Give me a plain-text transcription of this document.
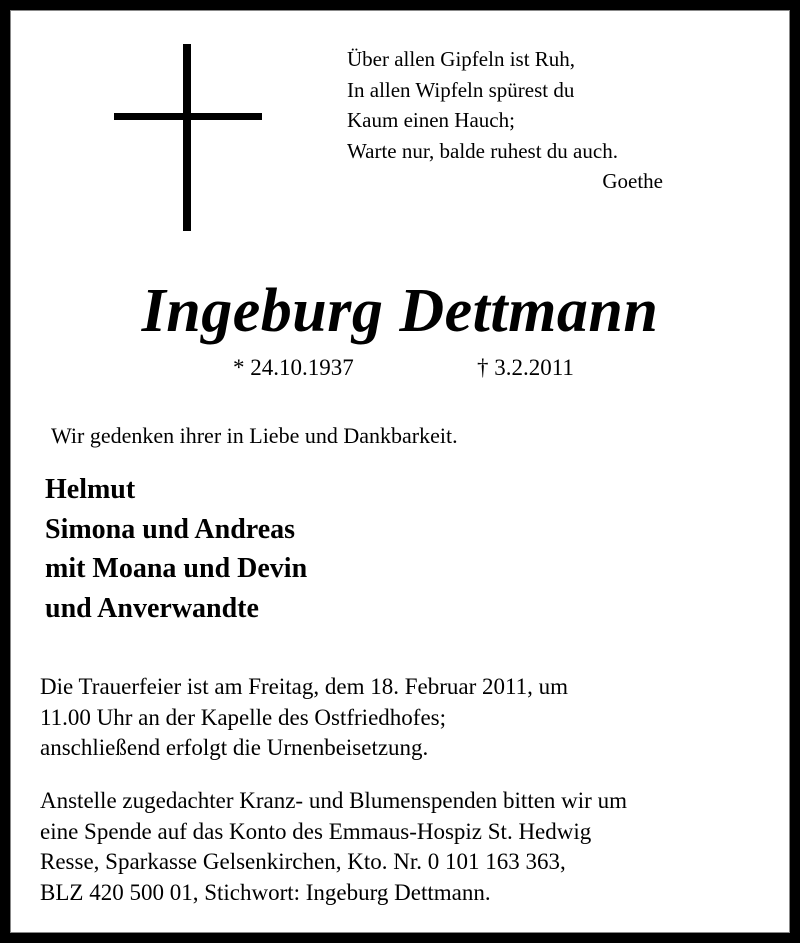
Über allen Gipfeln ist Ruh,
In allen Wipfeln spürest du
Kaum einen Hauch;
Warte nur, balde ruhest du auch.
Goethe
Ingeburg Dettmann
* 24.10.1937	† 3.2.2011
Wir gedenken ihrer in Liebe und Dankbarkeit.
Helmut
Simona und Andreas
mit Moana und Devin
und Anverwandte
Die Trauerfeier ist am Freitag, dem 18. Februar 2011, um
11.00 Uhr an der Kapelle des Ostfriedhofes;
anschließend erfolgt die Urnenbeisetzung.
Anstelle zugedachter Kranz- und Blumenspenden bitten wir um
eine Spende auf das Konto des Emmaus-Hospiz St. Hedwig
Resse, Sparkasse Gelsenkirchen, Kto. Nr. 0 101 163 363,
BLZ 420 500 01, Stichwort: Ingeburg Dettmann.
